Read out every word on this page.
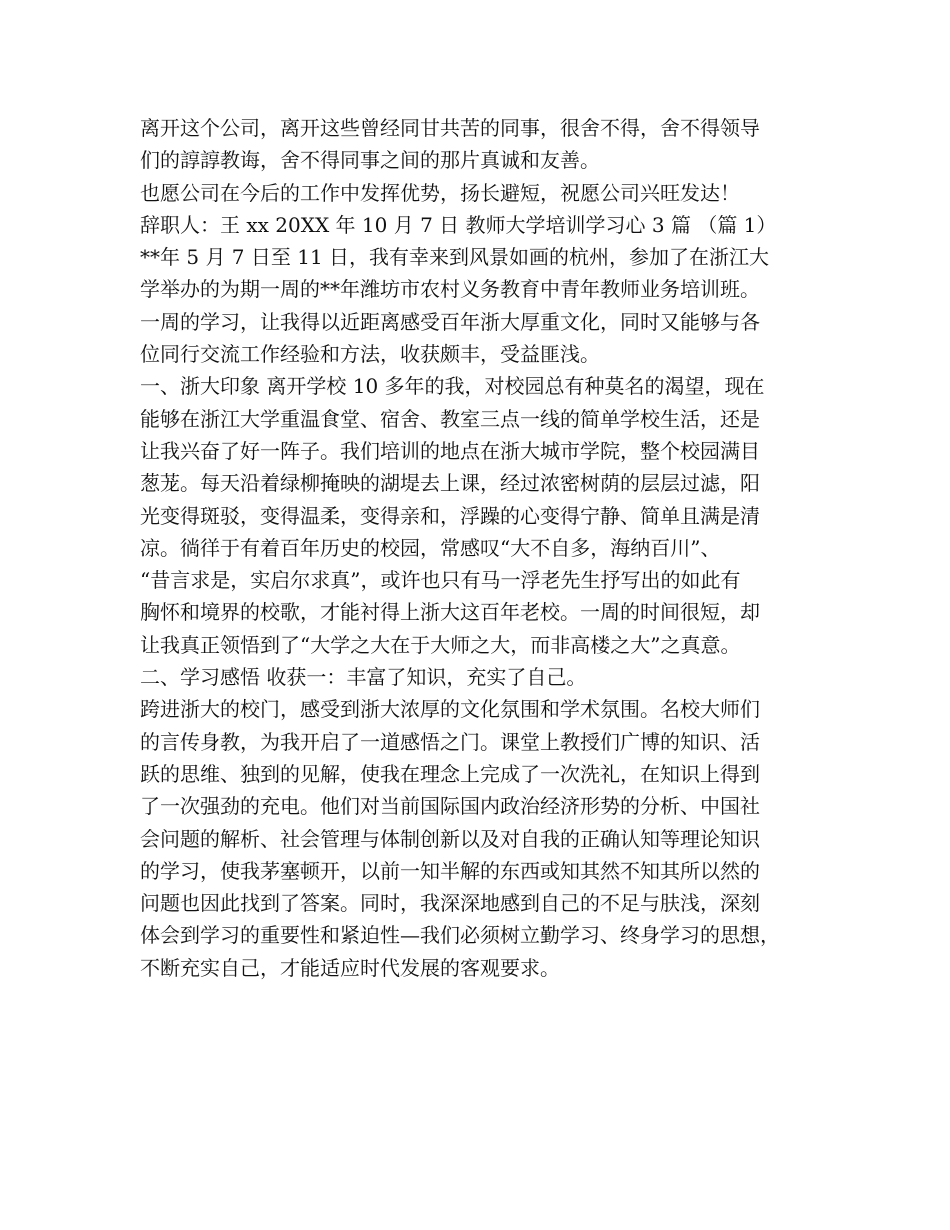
离开这个公司，离开这些曾经同甘共苦的同事，很舍不得，舍不得领导
们的諄諄教诲，舍不得同事之间的那片真诚和友善。
也愿公司在今后的工作中发挥优势，扬长避短，祝愿公司兴旺发达！
辞职人：王 xx 20XX 年 10 月 7 日 教师大学培训学习心 3 篇 （篇 1）
**年 5 月 7 日至 11 日，我有幸来到风景如画的杭州，参加了在浙江大
学举办的为期一周的**年潍坊市农村义务教育中青年教师业务培训班。
一周的学习，让我得以近距离感受百年浙大厚重文化，同时又能够与各
位同行交流工作经验和方法，收获颇丰，受益匪浅。
一、浙大印象 离开学校 10 多年的我，对校园总有种莫名的渴望，现在
能够在浙江大学重温食堂、宿舍、教室三点一线的简单学校生活，还是
让我兴奋了好一阵子。我们培训的地点在浙大城市学院，整个校园满目
葱茏。每天沿着绿柳掩映的湖堤去上课，经过浓密树荫的层层过滤，阳
光变得斑驳，变得温柔，变得亲和，浮躁的心变得宁静、简单且满是清
凉。徜徉于有着百年历史的校园，常感叹“大不自多，海纳百川”、
“昔言求是，实启尔求真”，或许也只有马一浮老先生抒写出的如此有
胸怀和境界的校歌，才能衬得上浙大这百年老校。一周的时间很短，却
让我真正领悟到了“大学之大在于大师之大，而非高楼之大”之真意。
二、学习感悟 收获一：丰富了知识，充实了自己。
跨进浙大的校门，感受到浙大浓厚的文化氛围和学术氛围。名校大师们
的言传身教，为我开启了一道感悟之门。课堂上教授们广博的知识、活
跃的思维、独到的见解，使我在理念上完成了一次洗礼，在知识上得到
了一次强劲的充电。他们对当前国际国内政治经济形势的分析、中国社
会问题的解析、社会管理与体制创新以及对自我的正确认知等理论知识
的学习，使我茅塞顿开，以前一知半解的东西或知其然不知其所以然的
问题也因此找到了答案。同时，我深深地感到自己的不足与肤浅，深刻
体会到学习的重要性和紧迫性—我们必须树立勤学习、终身学习的思想，
不断充实自己，才能适应时代发展的客观要求。
